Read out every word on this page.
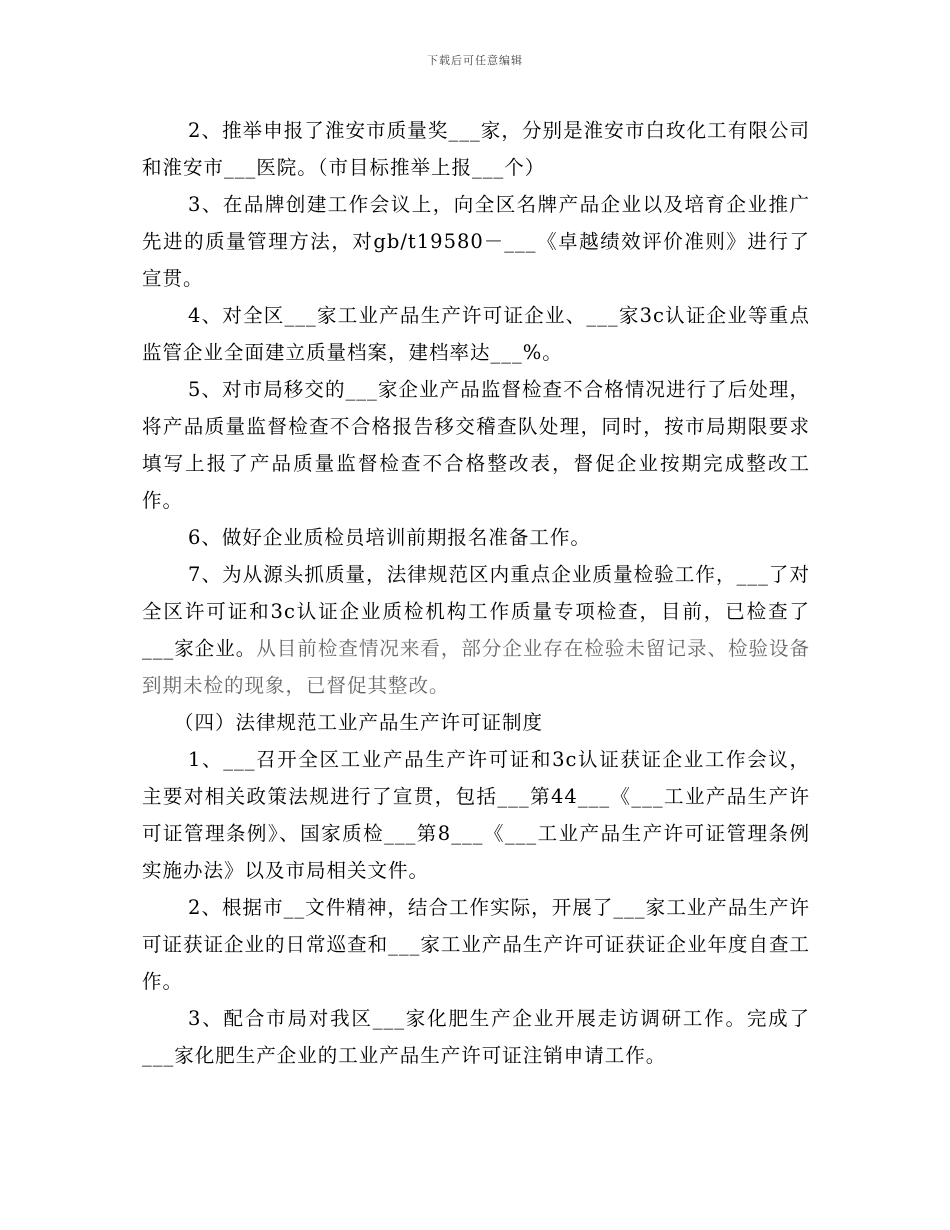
下载后可任意编辑

2、推举申报了淮安市质量奖___家，分别是淮安市白玫化工有限公司和淮安市___医院。（市目标推举上报___个）

3、在品牌创建工作会议上，向全区名牌产品企业以及培育企业推广先进的质量管理方法，对gb/t19580－___《卓越绩效评价准则》进行了宣贯。

4、对全区___家工业产品生产许可证企业、___家3c认证企业等重点监管企业全面建立质量档案，建档率达___%。

5、对市局移交的___家企业产品监督检查不合格情况进行了后处理，将产品质量监督检查不合格报告移交稽查队处理，同时，按市局期限要求填写上报了产品质量监督检查不合格整改表，督促企业按期完成整改工作。

6、做好企业质检员培训前期报名准备工作。

7、为从源头抓质量，法律规范区内重点企业质量检验工作，___了对全区许可证和3c认证企业质检机构工作质量专项检查，目前，已检查了___家企业。从目前检查情况来看，部分企业存在检验未留记录、检验设备到期未检的现象，已督促其整改。

（四）法律规范工业产品生产许可证制度

1、___召开全区工业产品生产许可证和3c认证获证企业工作会议，主要对相关政策法规进行了宣贯，包括___第44___《___工业产品生产许可证管理条例》、国家质检___第8___《___工业产品生产许可证管理条例实施办法》以及市局相关文件。

2、根据市__文件精神，结合工作实际，开展了___家工业产品生产许可证获证企业的日常巡查和___家工业产品生产许可证获证企业年度自查工作。

3、配合市局对我区___家化肥生产企业开展走访调研工作。完成了___家化肥生产企业的工业产品生产许可证注销申请工作。
